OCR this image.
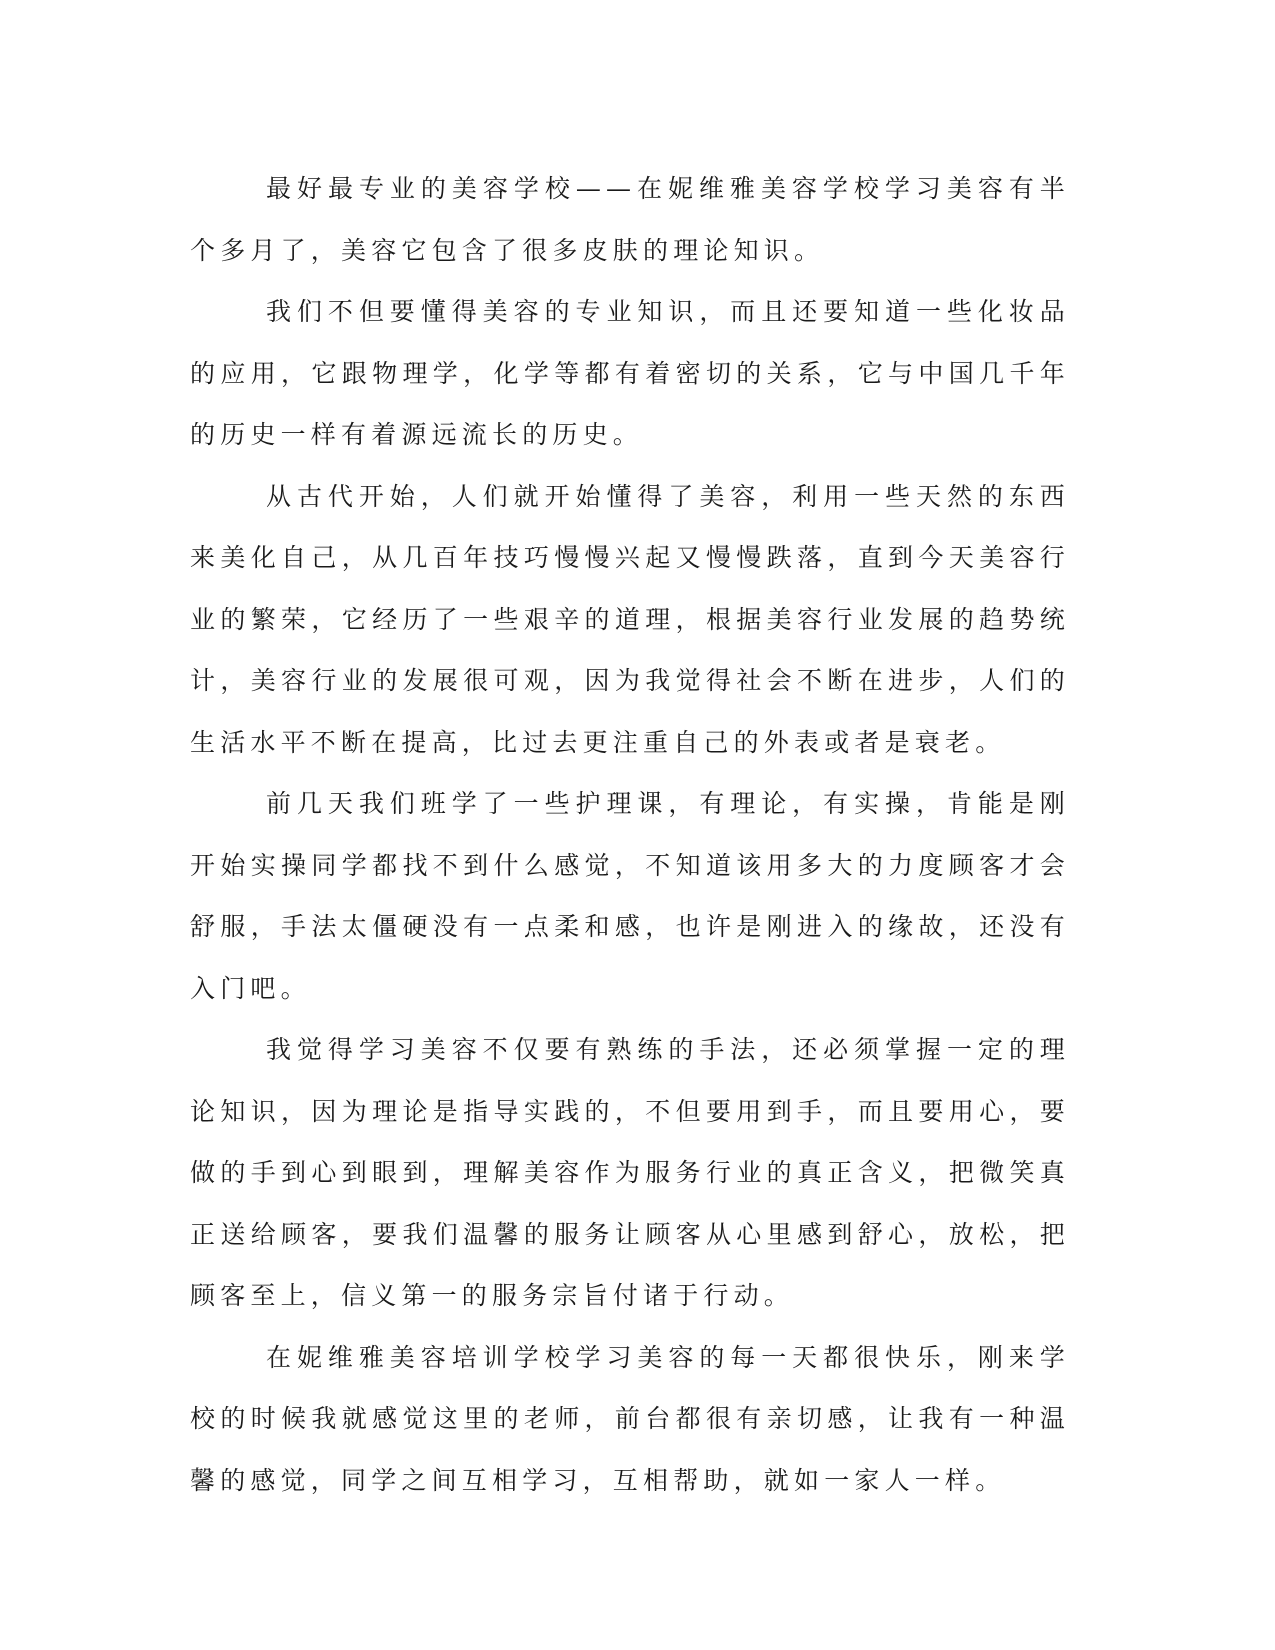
最好最专业的美容学校——在妮维雅美容学校学习美容有半个多月了，美容它包含了很多皮肤的理论知识。

我们不但要懂得美容的专业知识，而且还要知道一些化妆品的应用，它跟物理学，化学等都有着密切的关系，它与中国几千年的历史一样有着源远流长的历史。

从古代开始，人们就开始懂得了美容，利用一些天然的东西来美化自己，从几百年技巧慢慢兴起又慢慢跌落，直到今天美容行业的繁荣，它经历了一些艰辛的道理，根据美容行业发展的趋势统计，美容行业的发展很可观，因为我觉得社会不断在进步，人们的生活水平不断在提高，比过去更注重自己的外表或者是衰老。

前几天我们班学了一些护理课，有理论，有实操，肯能是刚开始实操同学都找不到什么感觉，不知道该用多大的力度顾客才会舒服，手法太僵硬没有一点柔和感，也许是刚进入的缘故，还没有入门吧。

我觉得学习美容不仅要有熟练的手法，还必须掌握一定的理论知识，因为理论是指导实践的，不但要用到手，而且要用心，要做的手到心到眼到，理解美容作为服务行业的真正含义，把微笑真正送给顾客，要我们温馨的服务让顾客从心里感到舒心，放松，把顾客至上，信义第一的服务宗旨付诸于行动。

在妮维雅美容培训学校学习美容的每一天都很快乐，刚来学校的时候我就感觉这里的老师，前台都很有亲切感，让我有一种温馨的感觉，同学之间互相学习，互相帮助，就如一家人一样。
